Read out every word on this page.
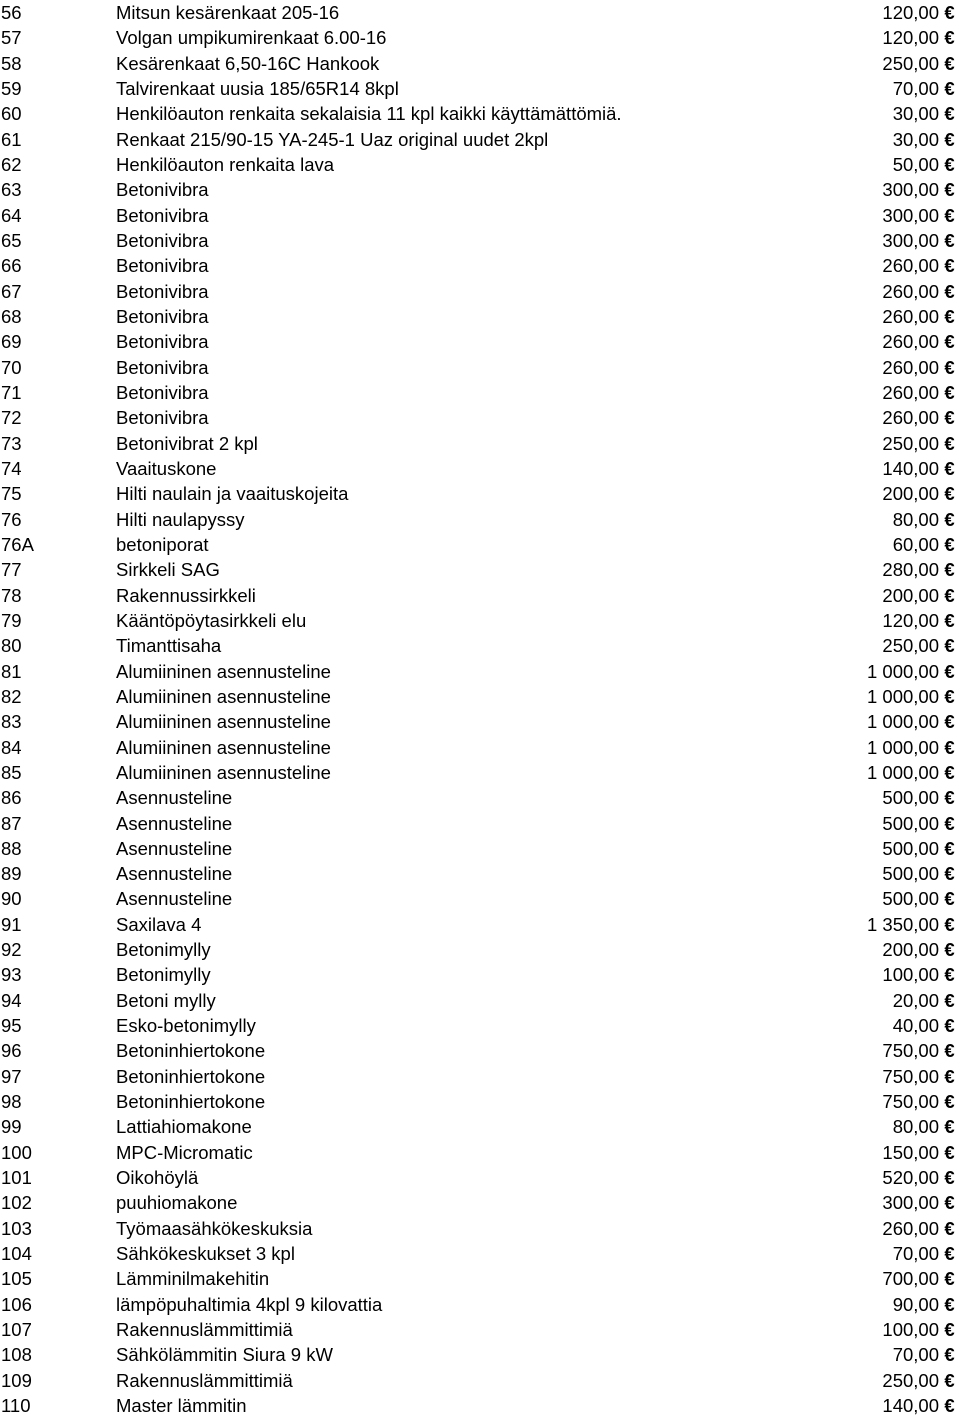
56	Mitsun kesärenkaat 205-16	120,00 €
57	Volgan umpikumirenkaat 6.00-16	120,00 €
58	Kesärenkaat 6,50-16C Hankook	250,00 €
59	Talvirenkaat uusia 185/65R14 8kpl	70,00 €
60	Henkilöauton renkaita sekalaisia 11 kpl kaikki käyttämättömiä.	30,00 €
61	Renkaat 215/90-15 YA-245-1 Uaz original uudet 2kpl	30,00 €
62	Henkilöauton renkaita lava	50,00 €
63	Betonivibra	300,00 €
64	Betonivibra	300,00 €
65	Betonivibra	300,00 €
66	Betonivibra	260,00 €
67	Betonivibra	260,00 €
68	Betonivibra	260,00 €
69	Betonivibra	260,00 €
70	Betonivibra	260,00 €
71	Betonivibra	260,00 €
72	Betonivibra	260,00 €
73	Betonivibrat 2 kpl	250,00 €
74	Vaaituskone	140,00 €
75	Hilti naulain ja vaaituskojeita	200,00 €
76	Hilti naulapyssy	80,00 €
76A	betoniporat	60,00 €
77	Sirkkeli SAG	280,00 €
78	Rakennussirkkeli	200,00 €
79	Kääntöpöytasirkkeli elu	120,00 €
80	Timanttisaha	250,00 €
81	Alumiininen asennusteline	1 000,00 €
82	Alumiininen asennusteline	1 000,00 €
83	Alumiininen asennusteline	1 000,00 €
84	Alumiininen asennusteline	1 000,00 €
85	Alumiininen asennusteline	1 000,00 €
86	Asennusteline	500,00 €
87	Asennusteline	500,00 €
88	Asennusteline	500,00 €
89	Asennusteline	500,00 €
90	Asennusteline	500,00 €
91	Saxilava 4	1 350,00 €
92	Betonimylly	200,00 €
93	Betonimylly	100,00 €
94	Betoni mylly	20,00 €
95	Esko-betonimylly	40,00 €
96	Betoninhiertokone	750,00 €
97	Betoninhiertokone	750,00 €
98	Betoninhiertokone	750,00 €
99	Lattiahiomakone	80,00 €
100	MPC-Micromatic	150,00 €
101	Oikohöylä	520,00 €
102	puuhiomakone	300,00 €
103	Työmaasähkökeskuksia	260,00 €
104	Sähkökeskukset 3 kpl	70,00 €
105	Lämminilmakehitin	700,00 €
106	lämpöpuhaltimia 4kpl 9 kilovattia	90,00 €
107	Rakennuslämmittimiä	100,00 €
108	Sähkölämmitin Siura 9 kW	70,00 €
109	Rakennuslämmittimiä	250,00 €
110	Master lämmitin	140,00 €
